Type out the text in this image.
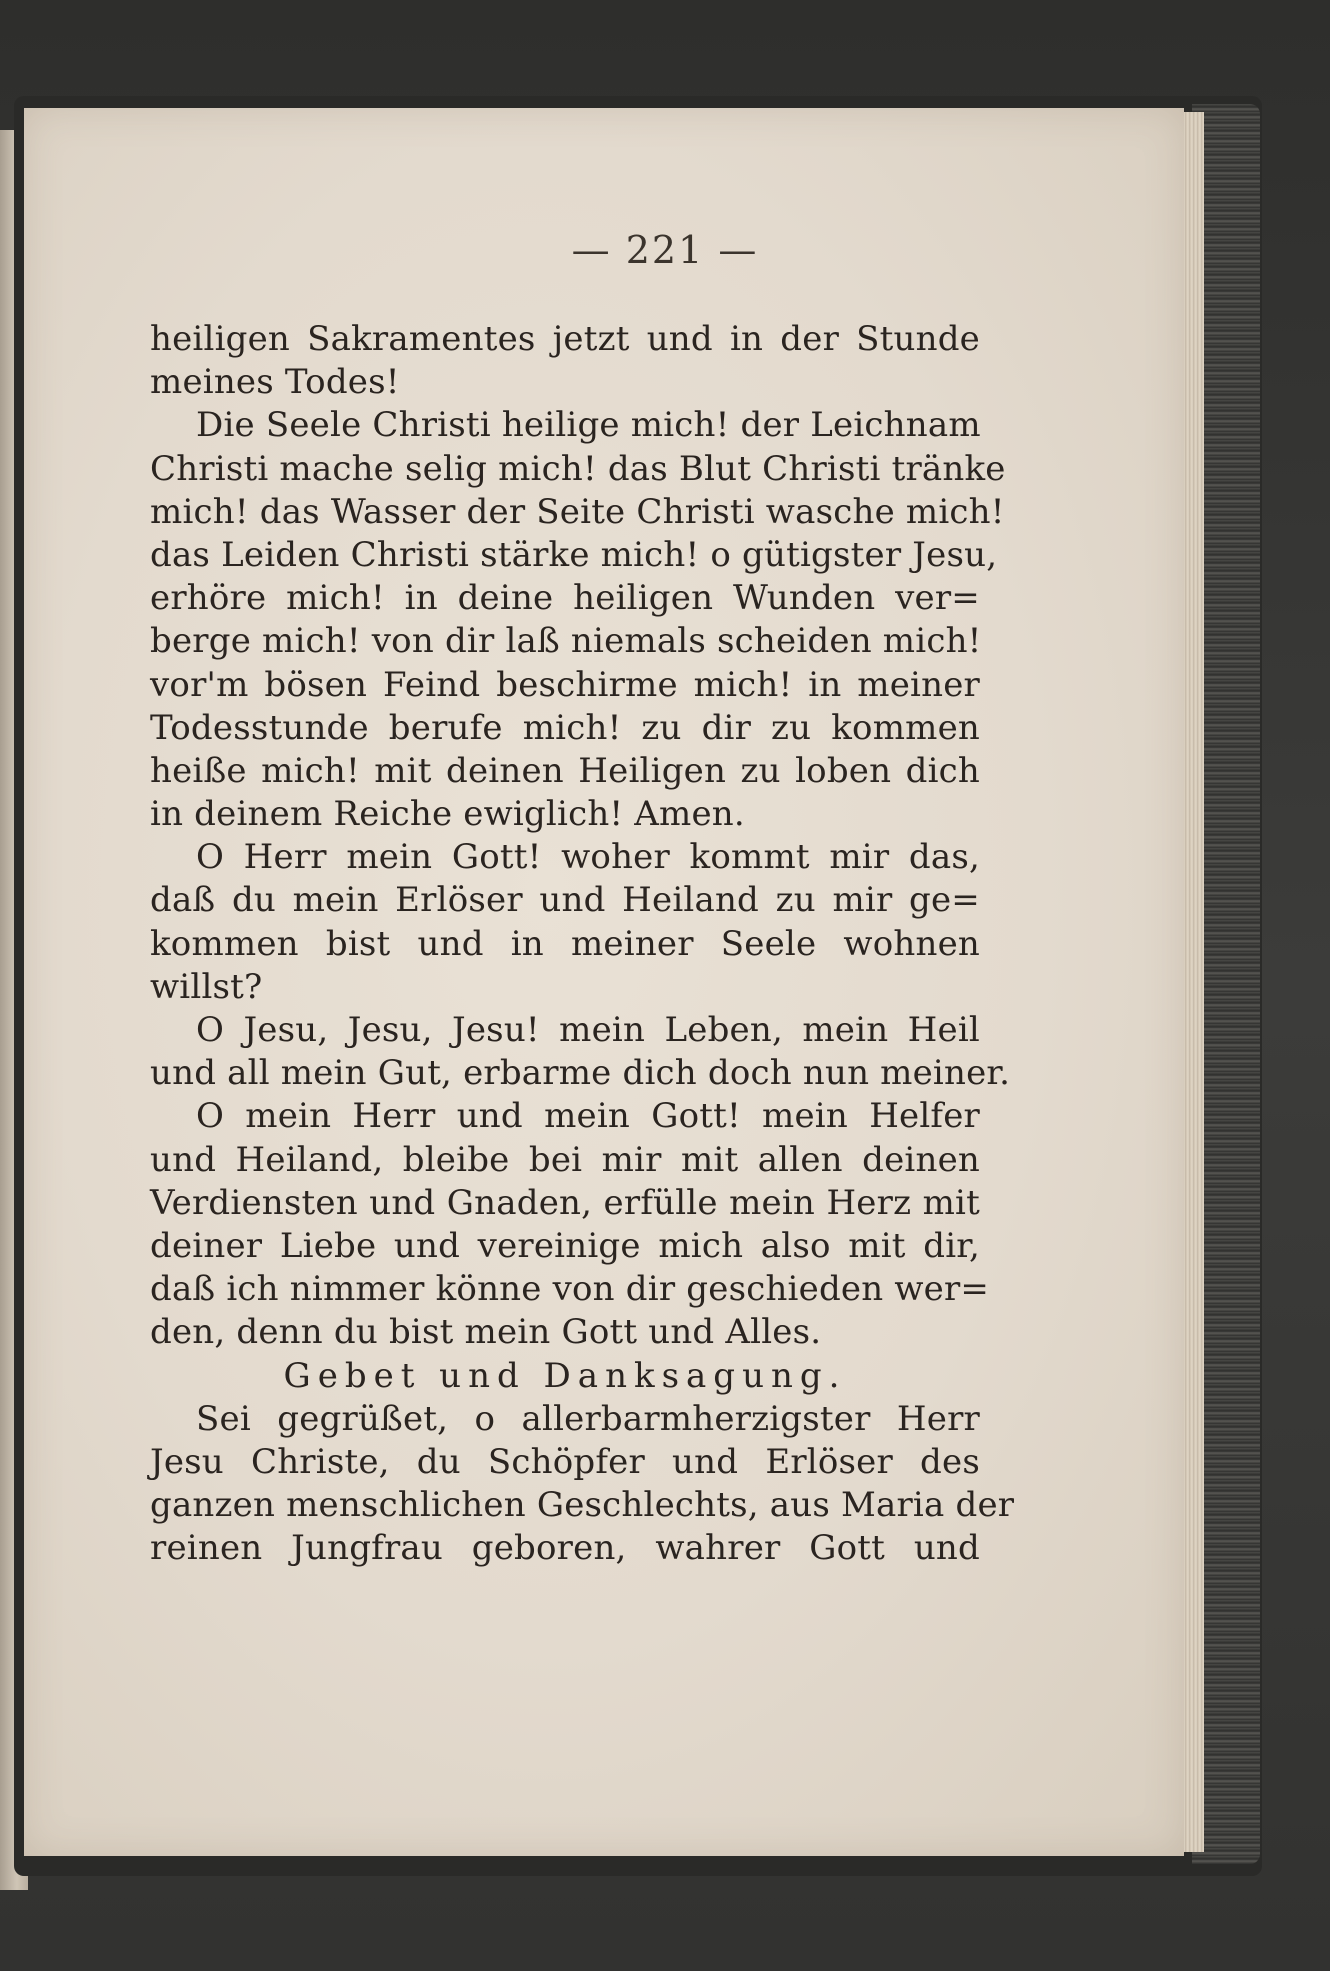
— 221 —
heiligen Sakramentes jetzt und in der Stunde
meines Todes!
Die Seele Christi heilige mich! der Leichnam
Christi mache selig mich! das Blut Christi tränke
mich! das Wasser der Seite Christi wasche mich!
das Leiden Christi stärke mich! o gütigster Jesu,
erhöre mich! in deine heiligen Wunden ver=
berge mich! von dir laß niemals scheiden mich!
vor'm bösen Feind beschirme mich! in meiner
Todesstunde berufe mich! zu dir zu kommen
heiße mich! mit deinen Heiligen zu loben dich
in deinem Reiche ewiglich! Amen.
O Herr mein Gott! woher kommt mir das,
daß du mein Erlöser und Heiland zu mir ge=
kommen bist und in meiner Seele wohnen
willst?
O Jesu, Jesu, Jesu! mein Leben, mein Heil
und all mein Gut, erbarme dich doch nun meiner.
O mein Herr und mein Gott! mein Helfer
und Heiland, bleibe bei mir mit allen deinen
Verdiensten und Gnaden, erfülle mein Herz mit
deiner Liebe und vereinige mich also mit dir,
daß ich nimmer könne von dir geschieden wer=
den, denn du bist mein Gott und Alles.
Gebet und Danksagung.
Sei gegrüßet, o allerbarmherzigster Herr
Jesu Christe, du Schöpfer und Erlöser des
ganzen menschlichen Geschlechts, aus Maria der
reinen Jungfrau geboren, wahrer Gott und
